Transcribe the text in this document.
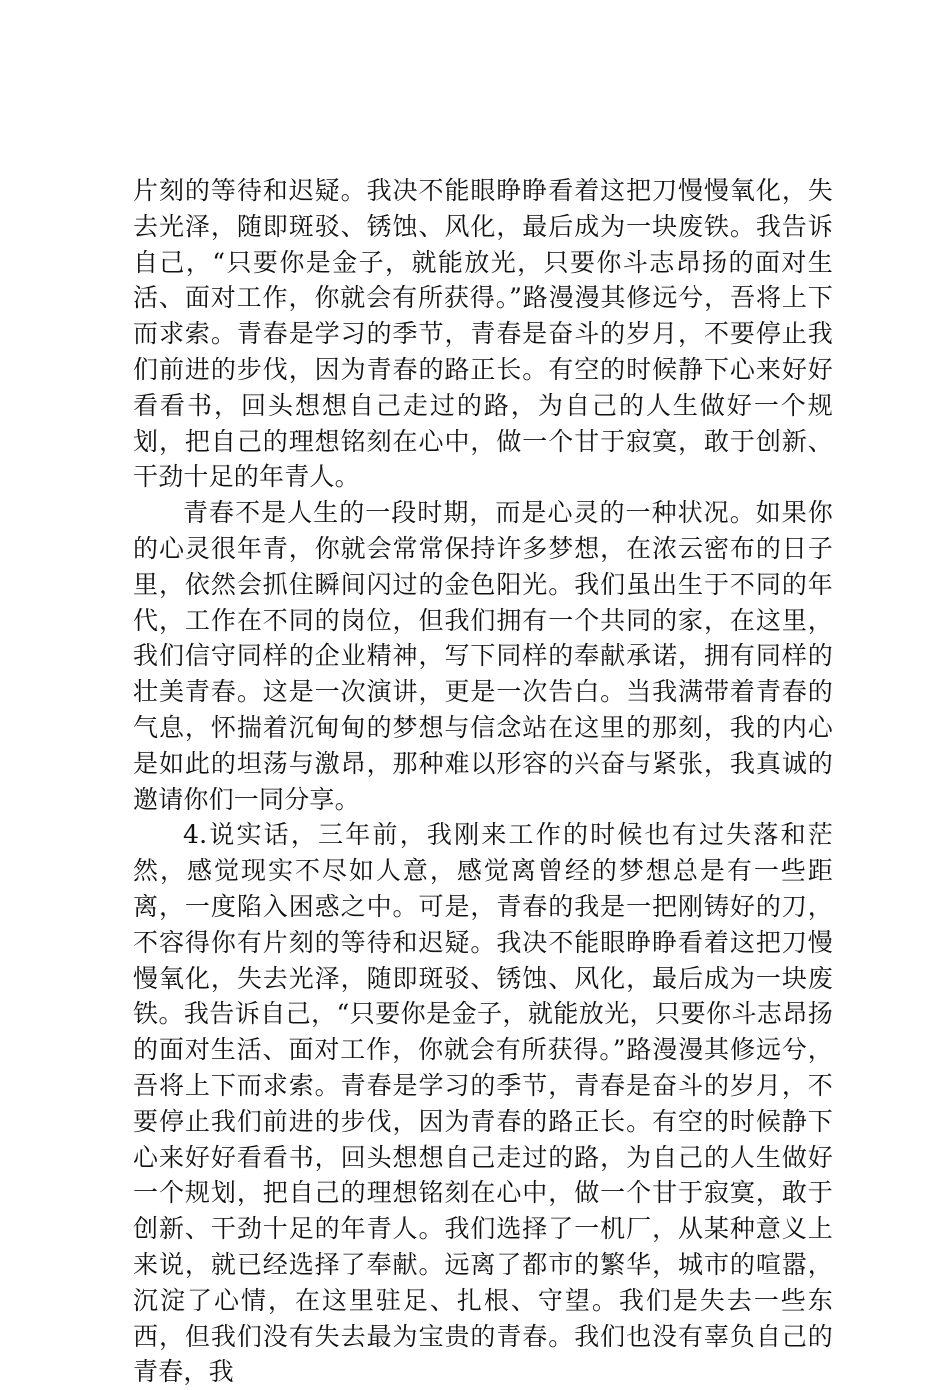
片刻的等待和迟疑。我决不能眼睁睁看着这把刀慢慢氧化，失去光泽，随即斑驳、锈蚀、风化，最后成为一块废铁。我告诉自己，“只要你是金子，就能放光，只要你斗志昂扬的面对生活、面对工作，你就会有所获得。”路漫漫其修远兮，吾将上下而求索。青春是学习的季节，青春是奋斗的岁月，不要停止我们前进的步伐，因为青春的路正长。有空的时候静下心来好好看看书，回头想想自己走过的路，为自己的人生做好一个规划，把自己的理想铭刻在心中，做一个甘于寂寞，敢于创新、干劲十足的年青人。

青春不是人生的一段时期，而是心灵的一种状况。如果你的心灵很年青，你就会常常保持许多梦想，在浓云密布的日子里，依然会抓住瞬间闪过的金色阳光。我们虽出生于不同的年代，工作在不同的岗位，但我们拥有一个共同的家，在这里，我们信守同样的企业精神，写下同样的奉献承诺，拥有同样的壮美青春。这是一次演讲，更是一次告白。当我满带着青春的气息，怀揣着沉甸甸的梦想与信念站在这里的那刻，我的内心是如此的坦荡与激昂，那种难以形容的兴奋与紧张，我真诚的邀请你们一同分享。

4.说实话，三年前，我刚来工作的时候也有过失落和茫然，感觉现实不尽如人意，感觉离曾经的梦想总是有一些距离，一度陷入困惑之中。可是，青春的我是一把刚铸好的刀，不容得你有片刻的等待和迟疑。我决不能眼睁睁看着这把刀慢慢氧化，失去光泽，随即斑驳、锈蚀、风化，最后成为一块废铁。我告诉自己，“只要你是金子，就能放光，只要你斗志昂扬的面对生活、面对工作，你就会有所获得。”路漫漫其修远兮，吾将上下而求索。青春是学习的季节，青春是奋斗的岁月，不要停止我们前进的步伐，因为青春的路正长。有空的时候静下心来好好看看书，回头想想自己走过的路，为自己的人生做好一个规划，把自己的理想铭刻在心中，做一个甘于寂寞，敢于创新、干劲十足的年青人。我们选择了一机厂，从某种意义上来说，就已经选择了奉献。远离了都市的繁华，城市的喧嚣，沉淀了心情，在这里驻足、扎根、守望。我们是失去一些东西，但我们没有失去最为宝贵的青春。我们也没有辜负自己的青春，我
